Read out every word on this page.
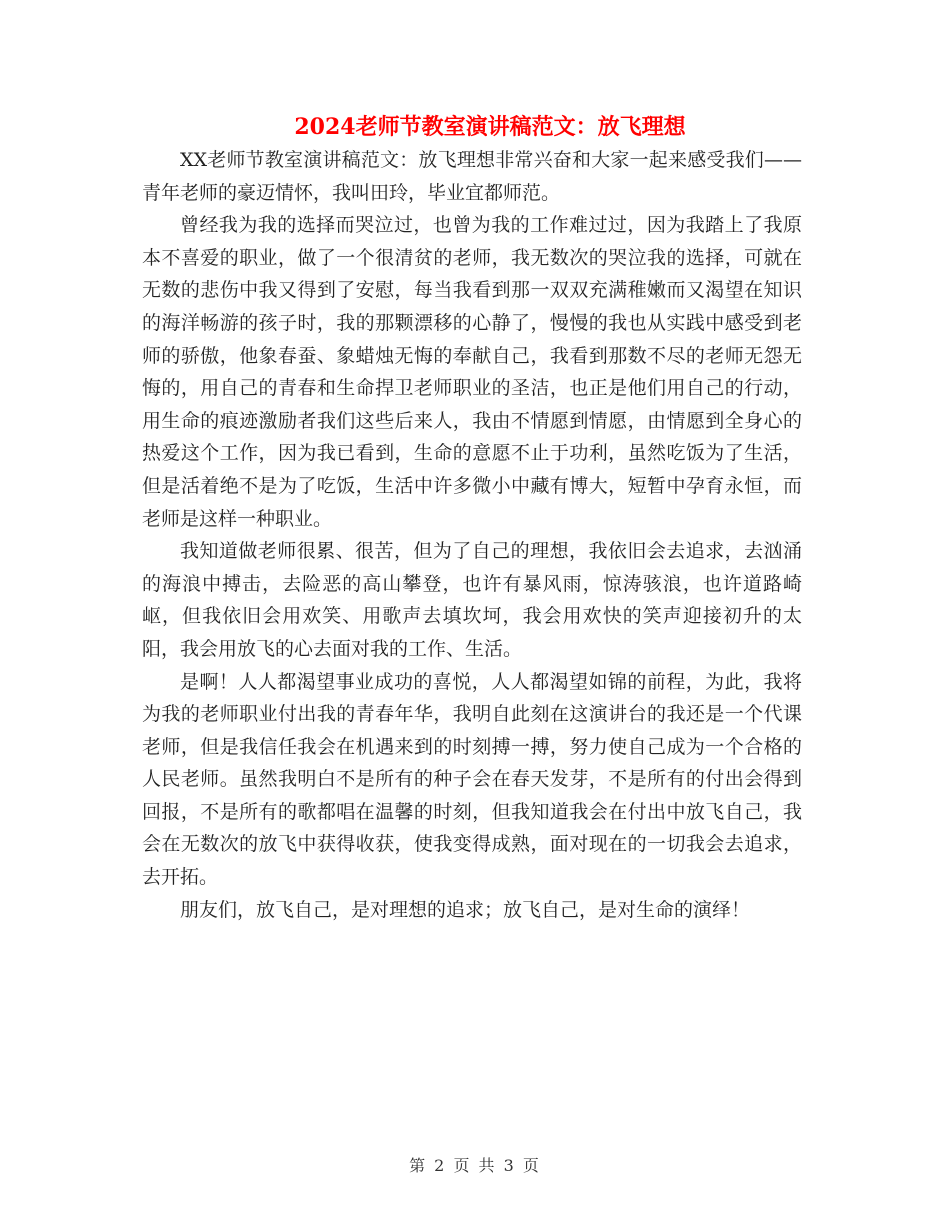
2024老师节教室演讲稿范文：放飞理想

XX老师节教室演讲稿范文：放飞理想非常兴奋和大家一起来感受我们——青年老师的豪迈情怀，我叫田玲，毕业宜都师范。

曾经我为我的选择而哭泣过，也曾为我的工作难过过，因为我踏上了我原本不喜爱的职业，做了一个很清贫的老师，我无数次的哭泣我的选择，可就在无数的悲伤中我又得到了安慰，每当我看到那一双双充满稚嫩而又渴望在知识的海洋畅游的孩子时，我的那颗漂移的心静了，慢慢的我也从实践中感受到老师的骄傲，他象春蚕、象蜡烛无悔的奉献自己，我看到那数不尽的老师无怨无悔的，用自己的青春和生命捍卫老师职业的圣洁，也正是他们用自己的行动，用生命的痕迹激励者我们这些后来人，我由不情愿到情愿，由情愿到全身心的热爱这个工作，因为我已看到，生命的意愿不止于功利，虽然吃饭为了生活，但是活着绝不是为了吃饭，生活中许多微小中藏有博大，短暂中孕育永恒，而老师是这样一种职业。

我知道做老师很累、很苦，但为了自己的理想，我依旧会去追求，去汹涌的海浪中搏击，去险恶的高山攀登，也许有暴风雨，惊涛骇浪，也许道路崎岖，但我依旧会用欢笑、用歌声去填坎坷，我会用欢快的笑声迎接初升的太阳，我会用放飞的心去面对我的工作、生活。

是啊！人人都渴望事业成功的喜悦，人人都渴望如锦的前程，为此，我将为我的老师职业付出我的青春年华，我明自此刻在这演讲台的我还是一个代课老师，但是我信任我会在机遇来到的时刻搏一搏，努力使自己成为一个合格的人民老师。虽然我明白不是所有的种子会在春天发芽，不是所有的付出会得到回报，不是所有的歌都唱在温馨的时刻，但我知道我会在付出中放飞自己，我会在无数次的放飞中获得收获，使我变得成熟，面对现在的一切我会去追求，去开拓。

朋友们，放飞自己，是对理想的追求；放飞自己，是对生命的演绎！

第 2 页 共 3 页
